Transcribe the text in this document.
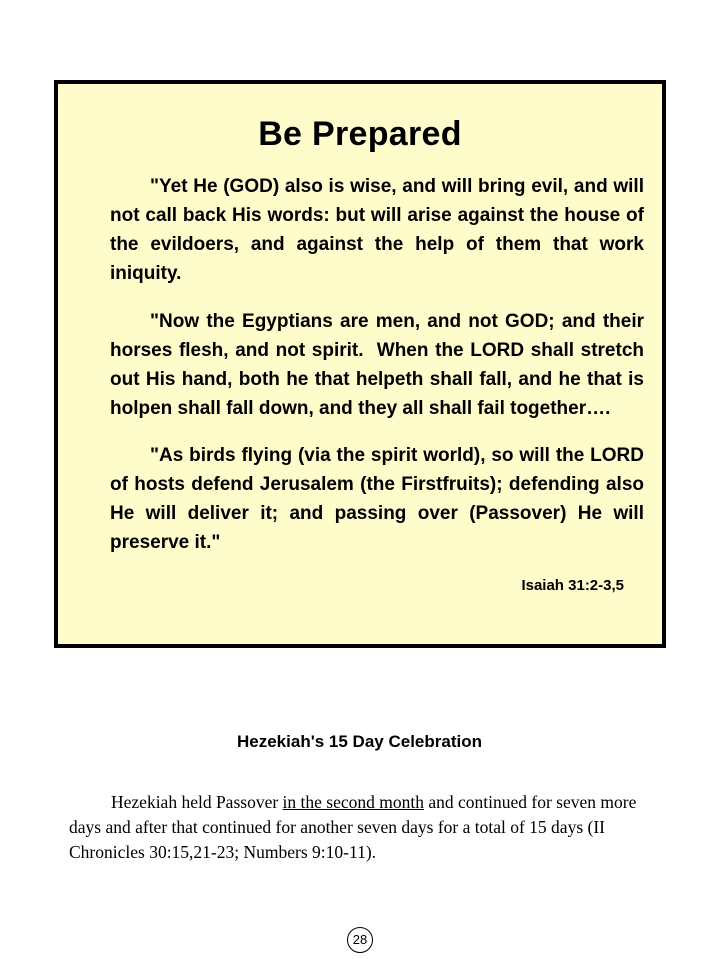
Be Prepared

"Yet He (GOD) also is wise, and will bring evil, and will not call back His words: but will arise against the house of the evildoers, and against the help of them that work iniquity.

"Now the Egyptians are men, and not GOD; and their horses flesh, and not spirit.  When the LORD shall stretch out His hand, both he that helpeth shall fall, and he that is holpen shall fall down, and they all shall fail together….

"As birds flying (via the spirit world), so will the LORD of hosts defend Jerusalem (the Firstfruits); defending also He will deliver it; and passing over (Passover) He will preserve it."

Isaiah 31:2-3,5
Hezekiah's 15 Day Celebration

Hezekiah held Passover in the second month and continued for seven more days and after that continued for another seven days for a total of 15 days (II Chronicles 30:15,21-23; Numbers 9:10-11).

28
